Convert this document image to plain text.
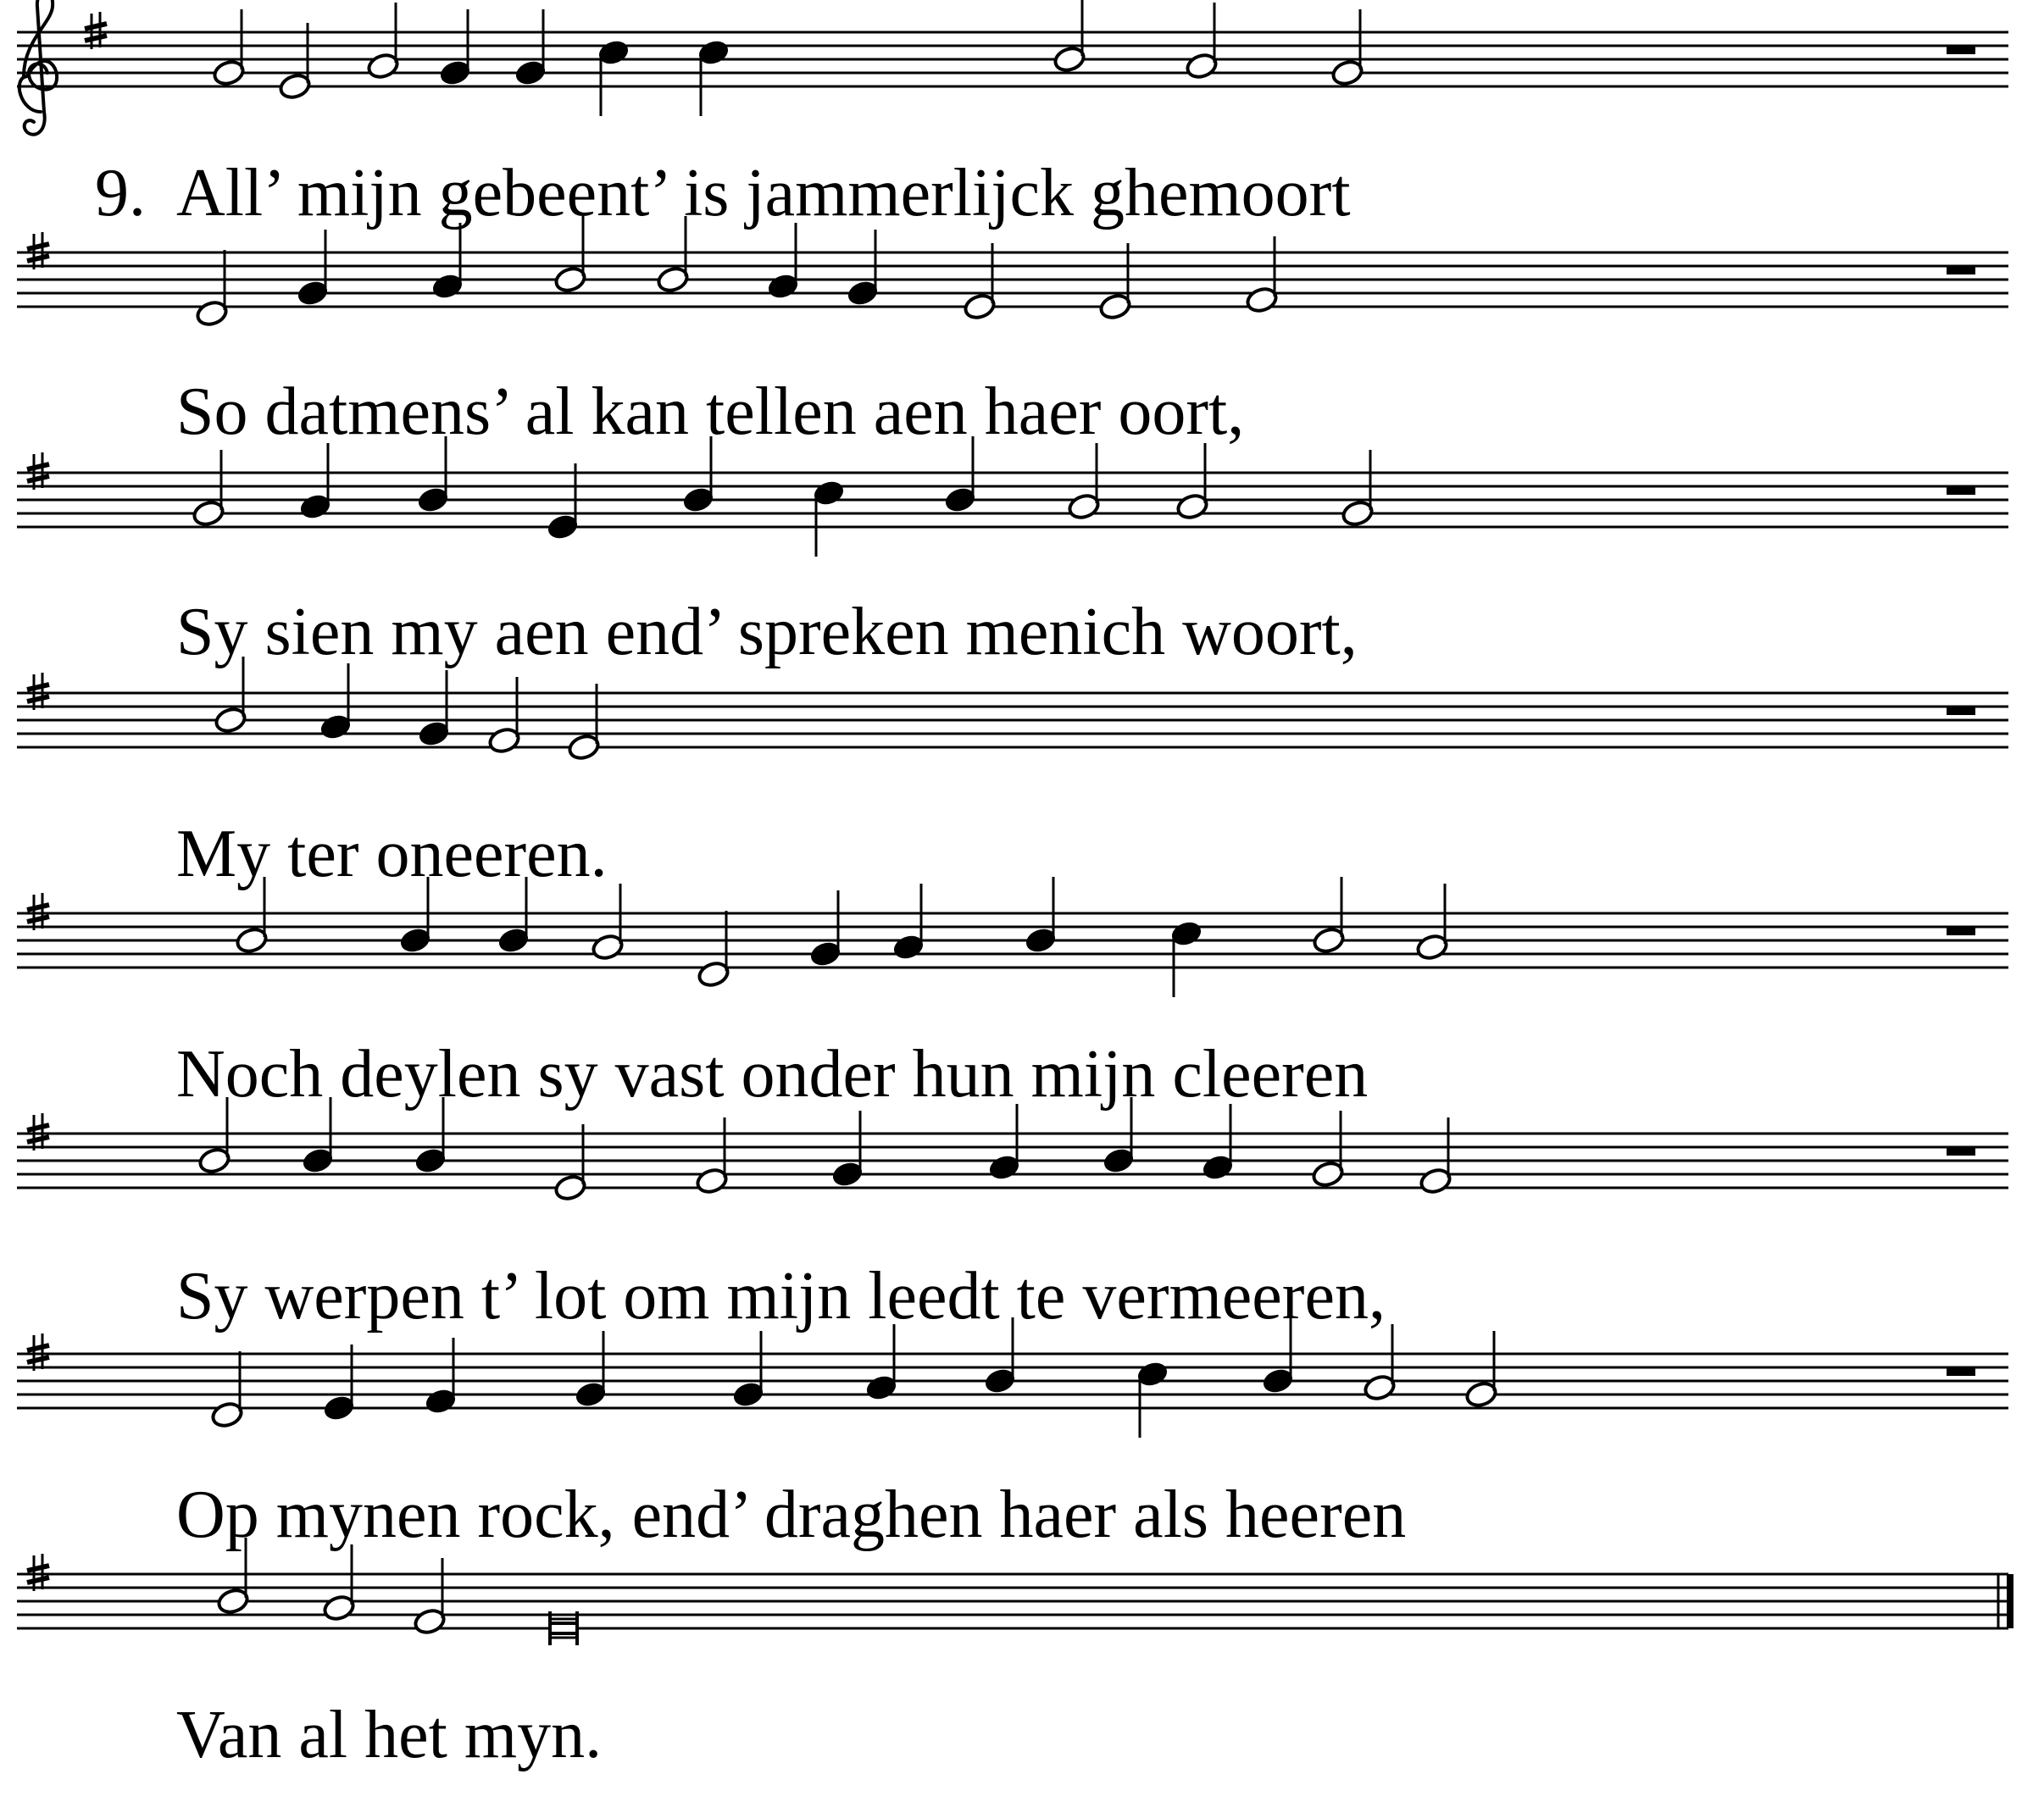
All’ mijn gebeent’ is jammerlijck ghemoort
So datmens’ al kan tellen aen haer oort,
Sy sien my aen end’ spreken menich woort,
My ter oneeren.
Noch deylen sy vast onder hun mijn cleeren
Sy werpen t’ lot om mijn leedt te vermeeren,
Op mynen rock, end’ draghen haer als heeren
Van al het myn.
9.
